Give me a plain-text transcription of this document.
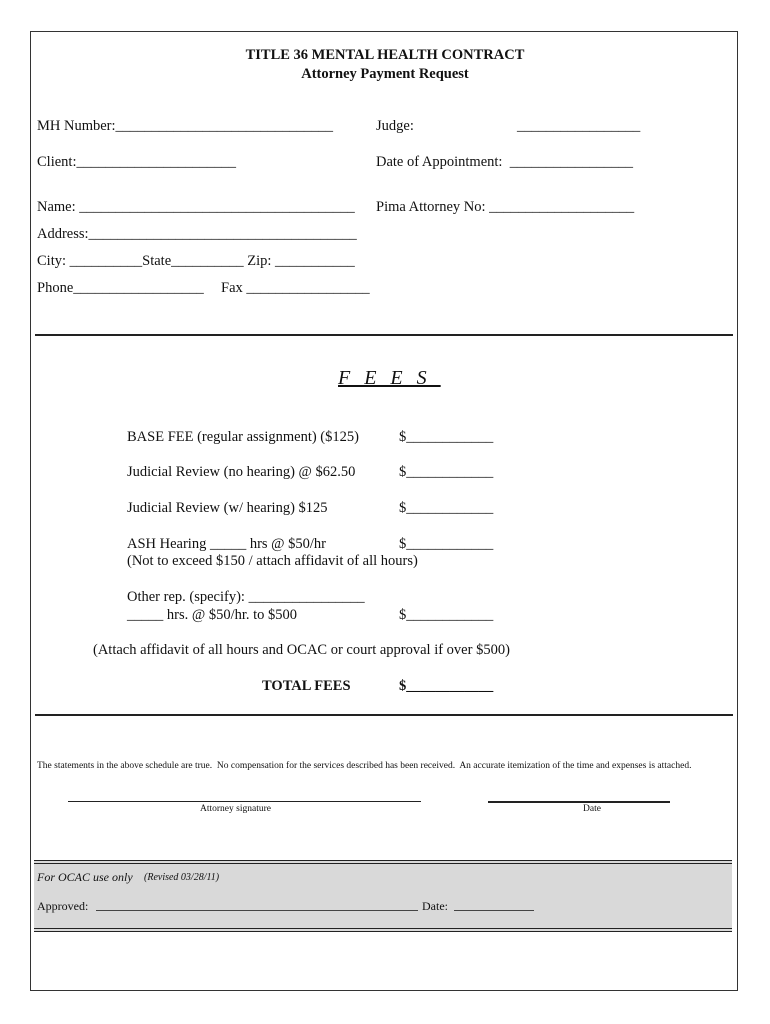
TITLE 36 MENTAL HEALTH CONTRACT
Attorney Payment Request
MH Number:______________________________	Judge:	_________________
Client:______________________	Date of Appointment:  _________________
Name: ______________________________________ Pima Attorney No: ____________________
Address:_____________________________________
City: __________State__________ Zip: ___________
Phone__________________ Fax _________________
FEES
BASE FEE (regular assignment) ($125)	$____________
Judicial Review (no hearing) @ $62.50	$____________
Judicial Review (w/ hearing) $125	$____________
ASH Hearing _____ hrs @ $50/hr	$____________
(Not to exceed $150 / attach affidavit of all hours)
Other rep. (specify): ________________
_____ hrs. @ $50/hr. to $500	$____________
(Attach affidavit of all hours and OCAC or court approval if over $500)
TOTAL FEES	$____________
The statements in the above schedule are true.  No compensation for the services described has been received.  An accurate itemization of the time and expenses is attached.
Attorney signature	Date
For OCAC use only (Revised 03/28/11)
Approved:	Date:
